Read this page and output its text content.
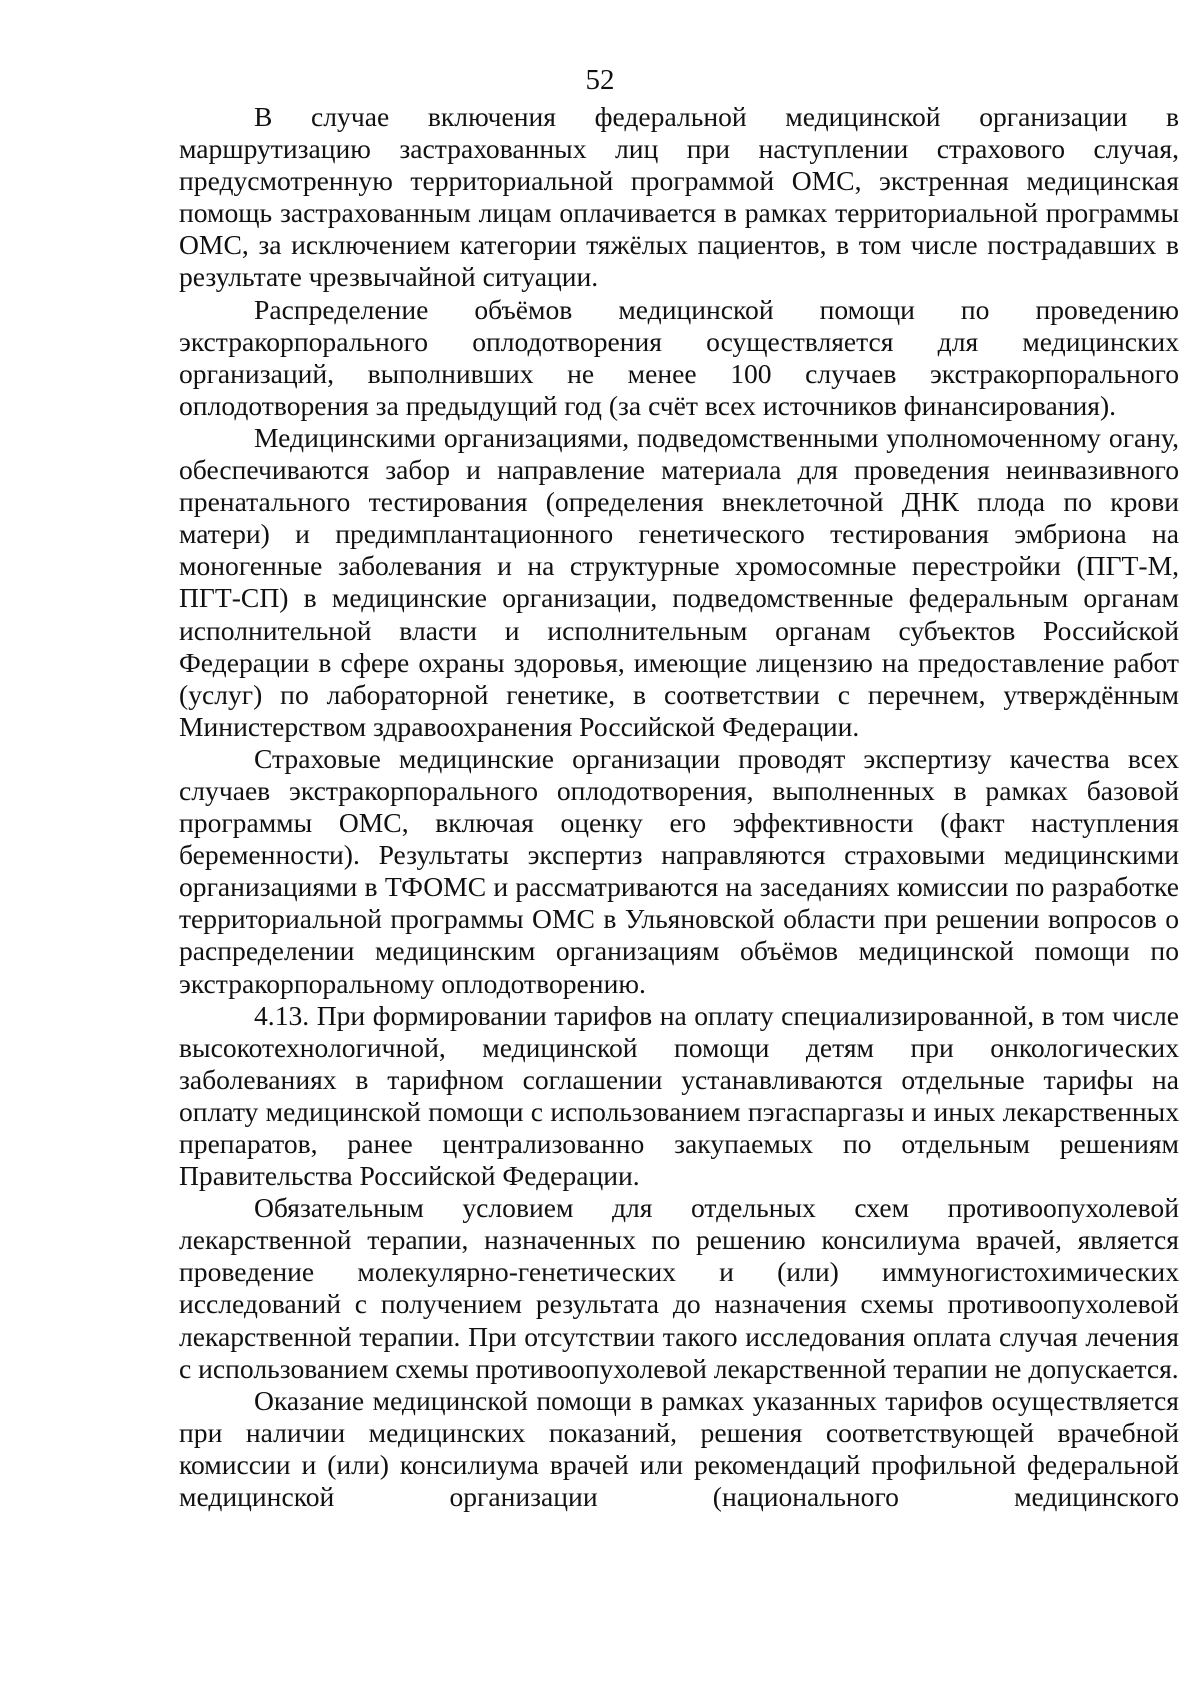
52

В случае включения федеральной медицинской организации в маршрутизацию застрахованных лиц при наступлении страхового случая, предусмотренную территориальной программой ОМС, экстренная медицинская помощь застрахованным лицам оплачивается в рамках территориальной программы ОМС, за исключением категории тяжёлых пациентов, в том числе пострадавших в результате чрезвычайной ситуации.

Распределение объёмов медицинской помощи по проведению экстракорпорального оплодотворения осуществляется для медицинских организаций, выполнивших не менее 100 случаев экстракорпорального оплодотворения за предыдущий год (за счёт всех источников финансирования).

Медицинскими организациями, подведомственными уполномоченному огану, обеспечиваются забор и направление материала для проведения неинвазивного пренатального тестирования (определения внеклеточной ДНК плода по крови матери) и предимплантационного генетического тестирования эмбриона на моногенные заболевания и на структурные хромосомные перестройки (ПГТ-М, ПГТ-СП) в медицинские организации, подведомственные федеральным органам исполнительной власти и исполнительным органам субъектов Российской Федерации в сфере охраны здоровья, имеющие лицензию на предоставление работ (услуг) по лабораторной генетике, в соответствии с перечнем, утверждённым Министерством здравоохранения Российской Федерации.

Страховые медицинские организации проводят экспертизу качества всех случаев экстракорпорального оплодотворения, выполненных в рамках базовой программы ОМС, включая оценку его эффективности (факт наступления беременности). Результаты экспертиз направляются страховыми медицинскими организациями в ТФОМС и рассматриваются на заседаниях комиссии по разработке территориальной программы ОМС в Ульяновской области при решении вопросов о распределении медицинским организациям объёмов медицинской помощи по экстракорпоральному оплодотворению.

4.13. При формировании тарифов на оплату специализированной, в том числе высокотехнологичной, медицинской помощи детям при онкологических заболеваниях в тарифном соглашении устанавливаются отдельные тарифы на оплату медицинской помощи с использованием пэгаспаргазы и иных лекарственных препаратов, ранее централизованно закупаемых по отдельным решениям Правительства Российской Федерации.

Обязательным условием для отдельных схем противоопухолевой лекарственной терапии, назначенных по решению консилиума врачей, является проведение молекулярно-генетических и (или) иммуногистохимических исследований с получением результата до назначения схемы противоопухолевой лекарственной терапии. При отсутствии такого исследования оплата случая лечения с использованием схемы противоопухолевой лекарственной терапии не допускается.

Оказание медицинской помощи в рамках указанных тарифов осуществляется при наличии медицинских показаний, решения соответствующей врачебной комиссии и (или) консилиума врачей или рекомендаций профильной федеральной медицинской организации (национального медицинского
